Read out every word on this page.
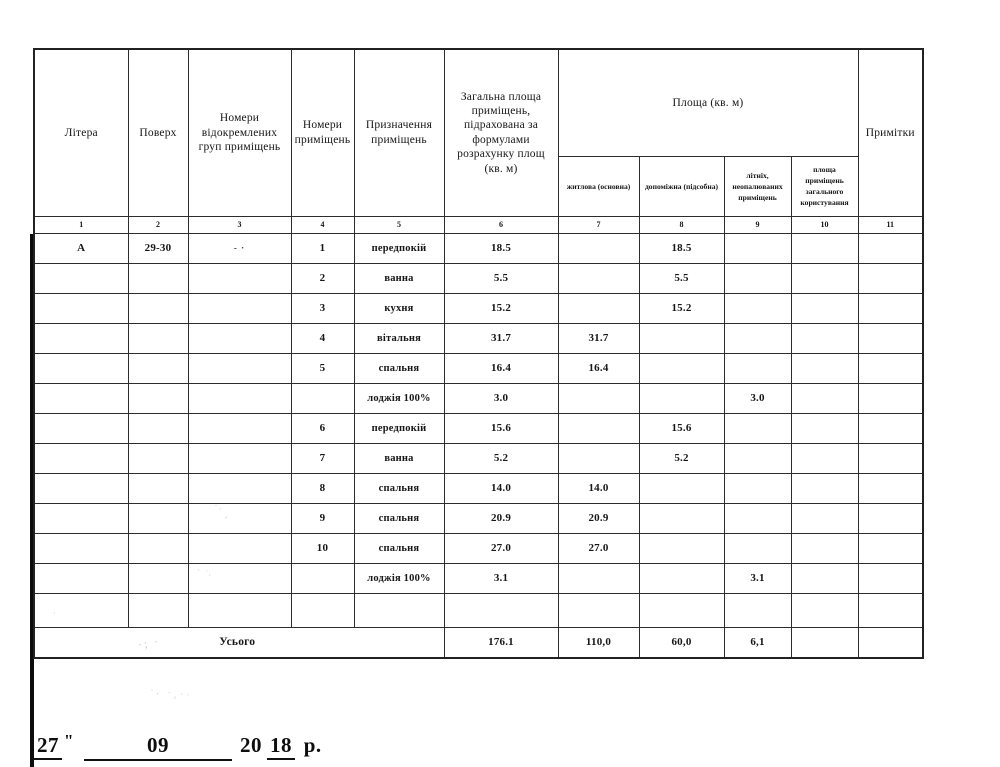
Літера	Поверх	Номери відокремлених груп приміщень	Номери приміщень	Призначення приміщень	Загальна площа приміщень, підрахована за формулами розрахунку площ (кв. м)	Площа (кв. м)				Примітки
						житлова (основна)	допоміжна (підсобна)	літніх, неопалюваних приміщень	площа приміщень загального користування	
1	2	3	4	5	6	7	8	9	10	11
А	29-30	- ·	1	передпокій	18.5		18.5			
			2	ванна	5.5		5.5			
			3	кухня	15.2		15.2			
			4	вітальня	31.7	31.7				
			5	спальня	16.4	16.4				
				лоджія 100%	3.0			3.0		
			6	передпокій	15.6		15.6			
			7	ванна	5.2		5.2			
			8	спальня	14.0	14.0				
			9	спальня	20.9	20.9				
			10	спальня	27.0	27.0				
				лоджія 100%	3.1			3.1		

Усього					176.1	110,0	60,0	6,1		
27 "	09	20 18 р.
·· ‚
· ˙·
·; ·
·
·. ·¸··
